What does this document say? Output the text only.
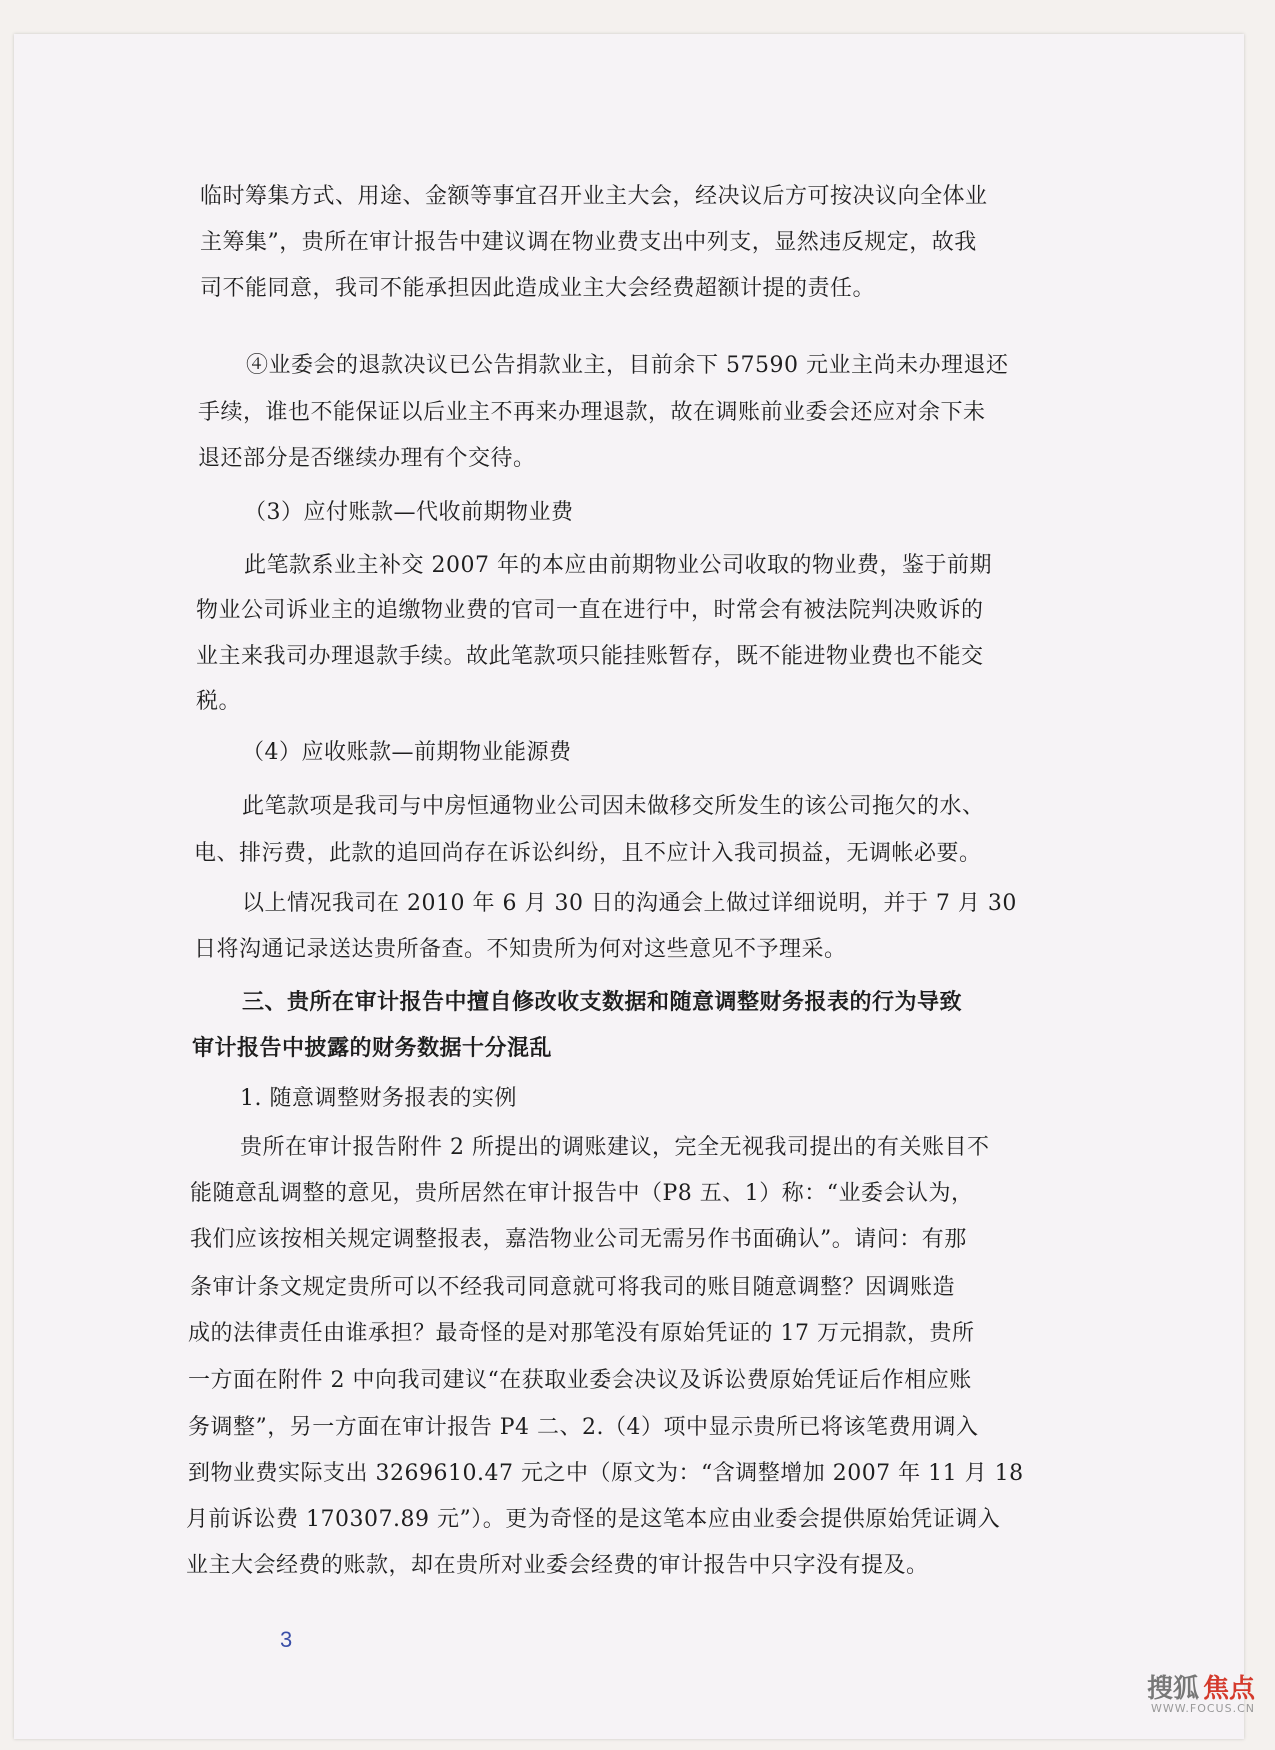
临时筹集方式、用途、金额等事宜召开业主大会，经决议后方可按决议向全体业
主筹集”，贵所在审计报告中建议调在物业费支出中列支，显然违反规定，故我
司不能同意，我司不能承担因此造成业主大会经费超额计提的责任。
④业委会的退款决议已公告捐款业主，目前余下 57590 元业主尚未办理退还
手续，谁也不能保证以后业主不再来办理退款，故在调账前业委会还应对余下未
退还部分是否继续办理有个交待。
（3）应付账款—代收前期物业费
此笔款系业主补交 2007 年的本应由前期物业公司收取的物业费，鉴于前期
物业公司诉业主的追缴物业费的官司一直在进行中，时常会有被法院判决败诉的
业主来我司办理退款手续。故此笔款项只能挂账暂存，既不能进物业费也不能交
税。
（4）应收账款—前期物业能源费
此笔款项是我司与中房恒通物业公司因未做移交所发生的该公司拖欠的水、
电、排污费，此款的追回尚存在诉讼纠纷，且不应计入我司损益，无调帐必要。
以上情况我司在 2010 年 6 月 30 日的沟通会上做过详细说明，并于 7 月 30
日将沟通记录送达贵所备查。不知贵所为何对这些意见不予理采。
三、贵所在审计报告中擅自修改收支数据和随意调整财务报表的行为导致
审计报告中披露的财务数据十分混乱
1. 随意调整财务报表的实例
贵所在审计报告附件 2 所提出的调账建议，完全无视我司提出的有关账目不
能随意乱调整的意见，贵所居然在审计报告中（P8 五、1）称：“业委会认为，
我们应该按相关规定调整报表，嘉浩物业公司无需另作书面确认”。请问：有那
条审计条文规定贵所可以不经我司同意就可将我司的账目随意调整？因调账造
成的法律责任由谁承担？最奇怪的是对那笔没有原始凭证的 17 万元捐款，贵所
一方面在附件 2 中向我司建议“在获取业委会决议及诉讼费原始凭证后作相应账
务调整”，另一方面在审计报告 P4 二、2.（4）项中显示贵所已将该笔费用调入
到物业费实际支出 3269610.47 元之中（原文为：“含调整增加 2007 年 11 月 18
月前诉讼费 170307.89 元”）。更为奇怪的是这笔本应由业委会提供原始凭证调入
业主大会经费的账款，却在贵所对业委会经费的审计报告中只字没有提及。
3
搜狐 焦点
WWW.FOCUS.CN
